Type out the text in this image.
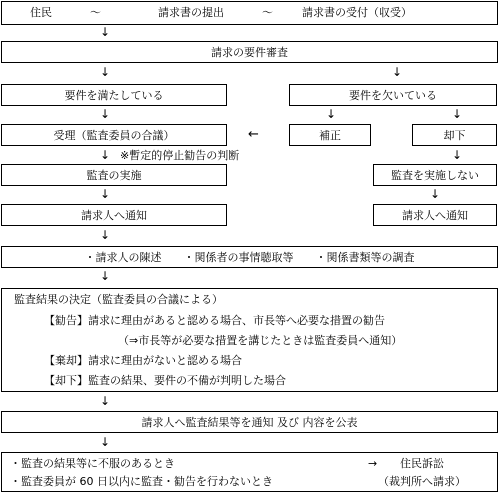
住民	～	請求書の提出	～	請求書の受付（収受）
↓
請求の要件審査
↓	↓
要件を満たしている	要件を欠いている
↓	↓	↓
受理（監査委員の合議）	←	補正	却下
↓ ※暫定的停止勧告の判断	↓
監査の実施	監査を実施しない
↓	↓
請求人へ通知	請求人へ通知
↓
・請求人の陳述　　・関係者の事情聴取等　　・関係書類等の調査
↓
監査結果の決定（監査委員の合議による）
【勧告】請求に理由があると認める場合、市長等へ必要な措置の勧告
（⇒市長等が必要な措置を講じたときは監査委員へ通知）
【棄却】請求に理由がないと認める場合
【却下】監査の結果、要件の不備が判明した場合
↓
請求人へ監査結果等を通知 及び 内容を公表
↓
・監査の結果等に不服のあるとき
・監査委員が 60 日以内に監査・勧告を行わないとき
→ 住民訴訟
（裁判所へ請求）
